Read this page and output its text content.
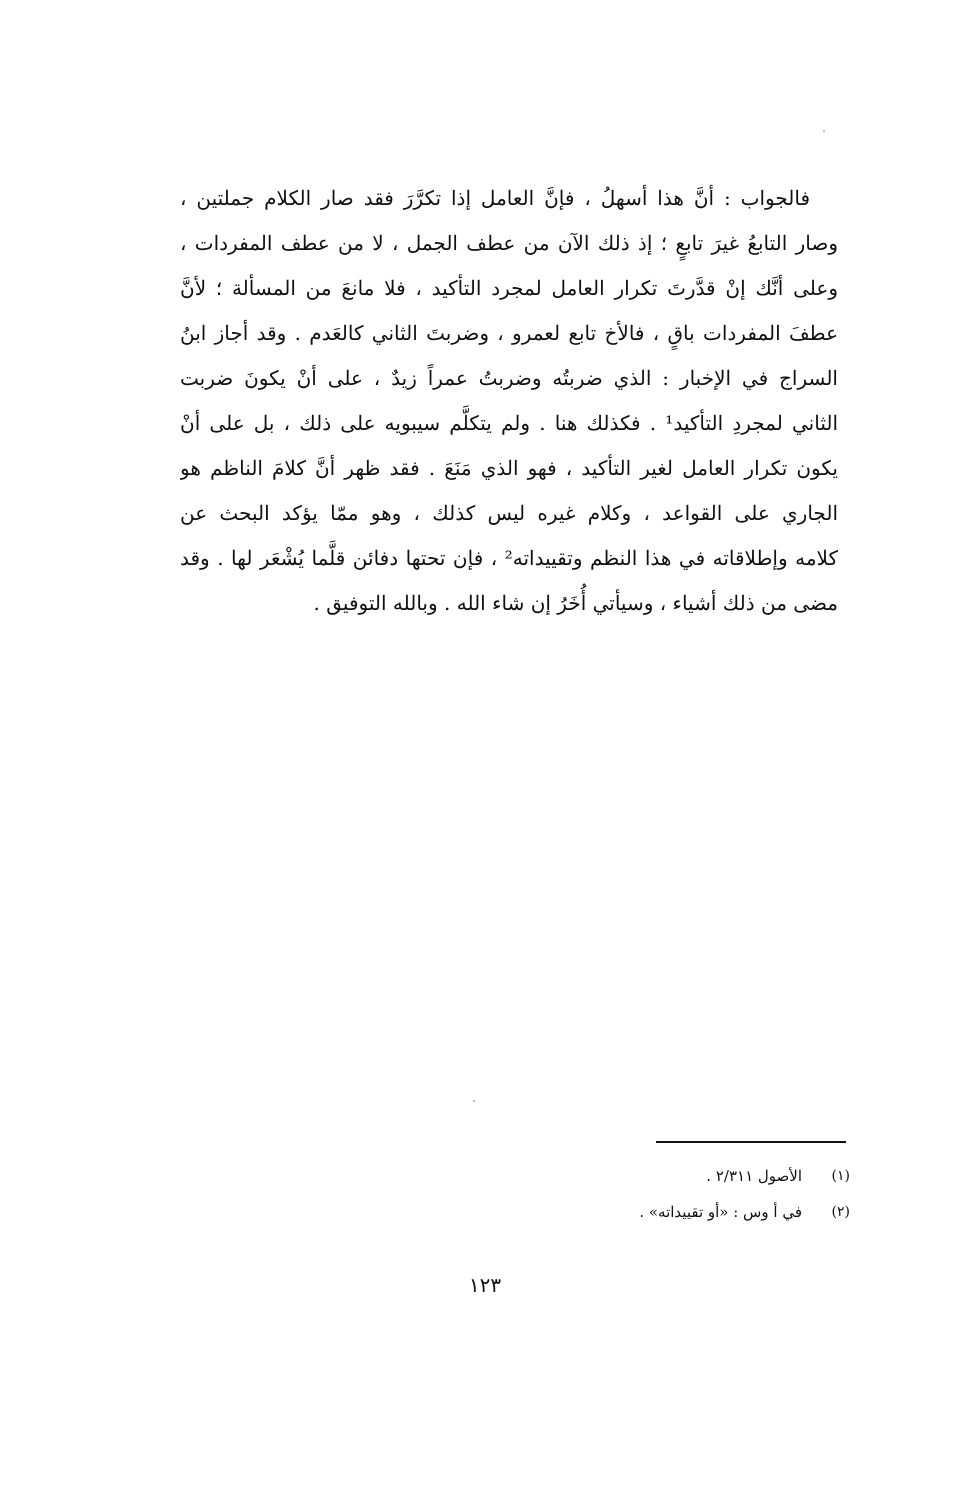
فالجواب : أنَّ هذا أسهلُ ، فإنَّ العامل إذا تكرَّرَ فقد صار الكلام جملتين ،
وصار التابعُ غيرَ تابعٍ ؛ إذ ذلك الآن من عطف الجمل ، لا من عطف المفردات ،
وعلى أنَّك إنْ قدَّرتَ تكرار العامل لمجرد التأكيد ، فلا مانعَ من المسألة ؛ لأنَّ
عطفَ المفردات باقٍ ، فالأخ تابع لعمرو ، وضربتَ الثاني كالعَدم . وقد أجاز ابنُ
السراج في الإخبار : الذي ضربتُه وضربتُ عمراً زيدٌ ، على أنْ يكونَ ضربت
الثاني لمجردِ التأكيد¹ . فكذلك هنا . ولم يتكلَّم سيبويه على ذلك ، بل على أنْ
يكون تكرار العامل لغير التأكيد ، فهو الذي مَنَعَ . فقد ظهر أنَّ كلامَ الناظم هو
الجاري على القواعد ، وكلام غيره ليس كذلك ، وهو ممّا يؤكد البحث عن
كلامه وإطلاقاته في هذا النظم وتقييداته² ، فإن تحتها دفائن قلَّما يُشْعَر لها . وقد
مضى من ذلك أشياء ، وسيأتي أُخَرُ إن شاء الله . وبالله التوفيق .
(١)
الأصول ٢/٣١١ .
(٢)
في أ وس : «أو تقييداته» .
١٢٣
